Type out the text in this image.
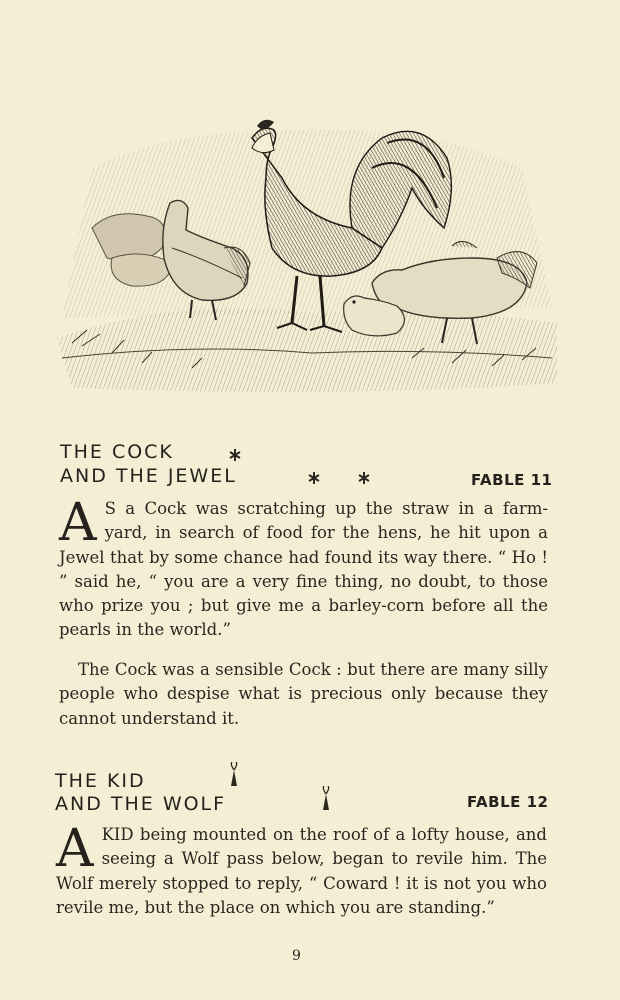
THE COCK
AND THE JEWEL	FABLE 11

A S a Cock was scratching up the straw in a farm-yard, in search of food for the hens, he hit upon a Jewel that by some chance had found its way there. “ Ho ! ” said he, “ you are a very fine thing, no doubt, to those who prize you ; but give me a barley-corn before all the pearls in the world.”

The Cock was a sensible Cock : but there are many silly people who despise what is precious only because they cannot understand it.

THE KID
AND THE WOLF	FABLE 12

AKID being mounted on the roof of a lofty house, and seeing a Wolf pass below, began to revile him. The Wolf merely stopped to reply, “ Coward ! it is not you who revile me, but the place on which you are standing.”

9
